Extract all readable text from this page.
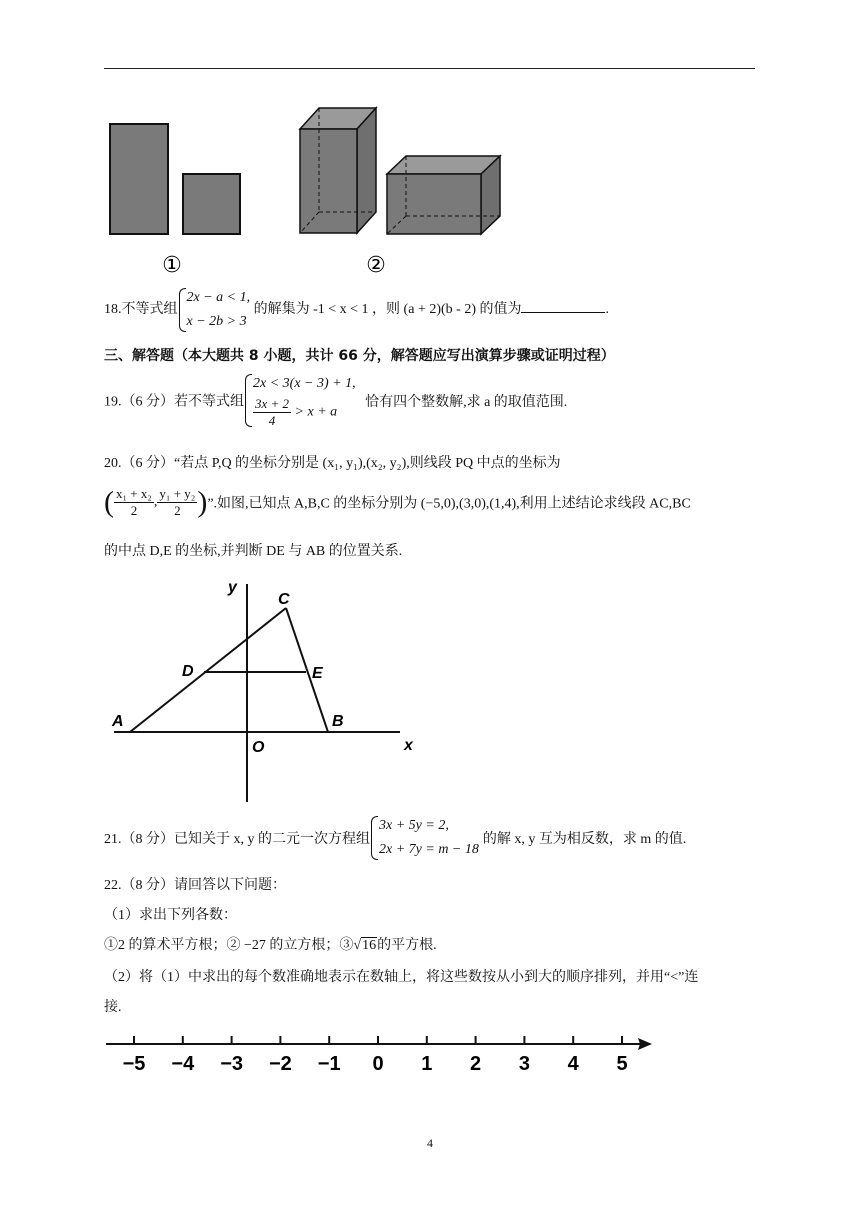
①	②
18.不等式组
2x − a < 1,
x − 2b > 3
的解集为 -1 < x < 1 ，则 (a + 2)(b - 2) 的值为	.
三、解答题（本大题共 8 小题，共计 66 分，解答题应写出演算步骤或证明过程）
19.（6 分）若不等式组
2x < 3(x − 3) + 1,
$\frac{3x + 2}{4} > x + a$
恰有四个整数解,求 a 的取值范围.
20.（6 分）“若点 P,Q 的坐标分别是 (x₁, y₁),(x₂, y₂),则线段 PQ 中点的坐标为
( $\frac{\text{x₁ + x₂}}{2}$ , $\frac{\text{y₁ + y₂}}{2}$ )”.如图,已知点 A,B,C 的坐标分别为 (−5,0),(3,0),(1,4),利用上述结论求线段 AC,BC
的中点 D,E 的坐标,并判断 DE 与 AB 的位置关系.
y
x
O
A	B
C
D	E
21.（8 分）已知关于 x, y 的二元一次方程组
3x + 5y = 2,
2x + 7y = m − 18
的解 x, y 互为相反数，求 m 的值.
22.（8 分）请回答以下问题：
（1）求出下列各数：
①2 的算术平方根；② −27 的立方根；③√16的平方根.
（2）将（1）中求出的每个数准确地表示在数轴上，将这些数按从小到大的顺序排列，并用“<”连
接.
−5 −4 −3 −2 −1 0 1 2 3 4 5
4
